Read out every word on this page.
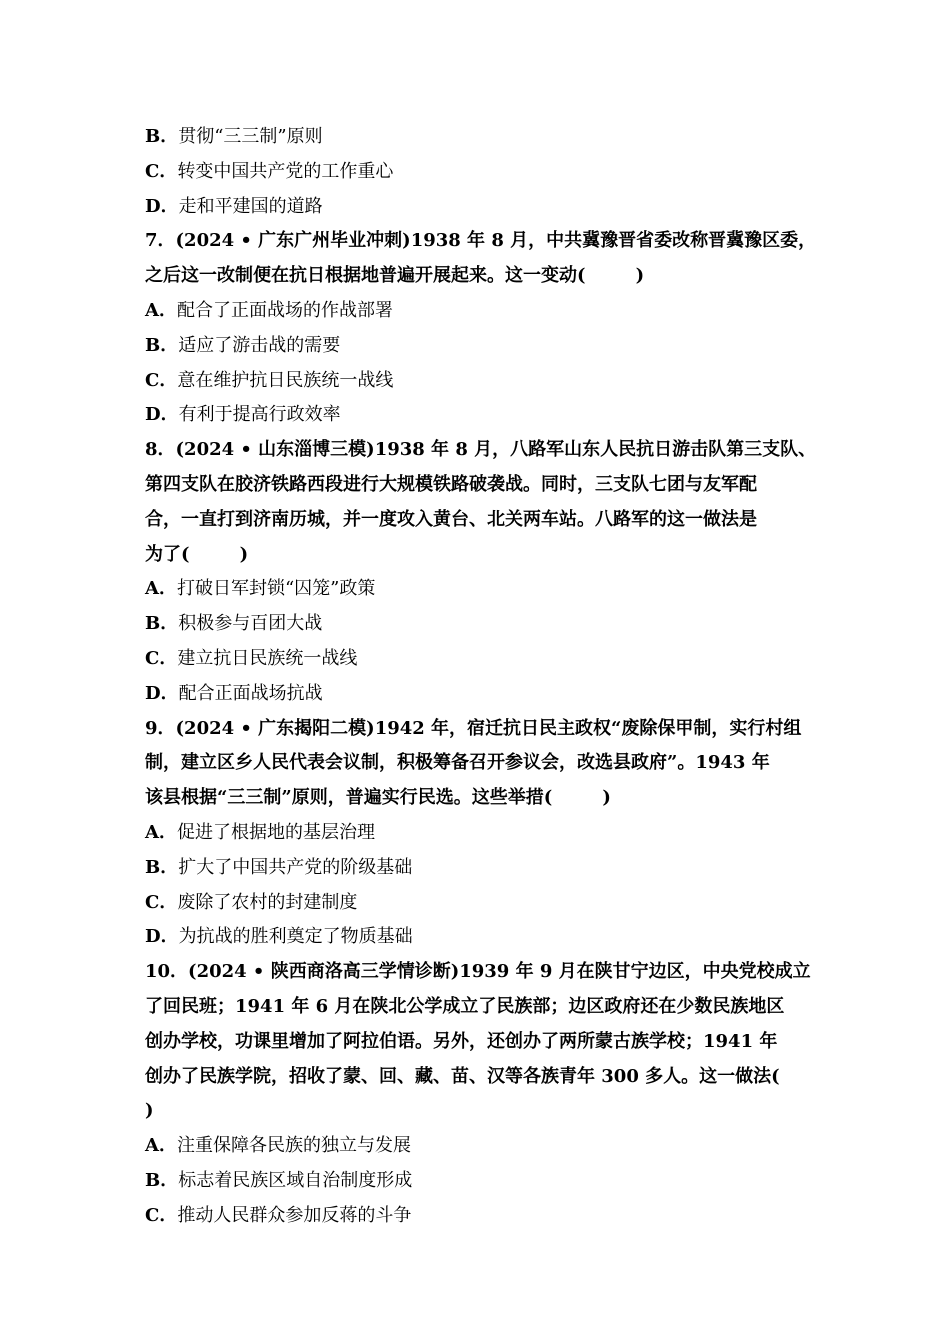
B．贯彻“三三制”原则

C．转变中国共产党的工作重心

D．走和平建国的道路

7．(2024 • 广东广州毕业冲刺)1938 年 8 月，中共冀豫晋省委改称晋冀豫区委，

之后这一改制便在抗日根据地普遍开展起来。这一变动(        )

A．配合了正面战场的作战部署

B．适应了游击战的需要

C．意在维护抗日民族统一战线

D．有利于提高行政效率

8．(2024 • 山东淄博三模)1938 年 8 月，八路军山东人民抗日游击队第三支队、

第四支队在胶济铁路西段进行大规模铁路破袭战。同时，三支队七团与友军配

合，一直打到济南历城，并一度攻入黄台、北关两车站。八路军的这一做法是

为了(        )

A．打破日军封锁“囚笼”政策

B．积极参与百团大战

C．建立抗日民族统一战线

D．配合正面战场抗战

9．(2024 • 广东揭阳二模)1942 年，宿迁抗日民主政权“废除保甲制，实行村组

制，建立区乡人民代表会议制，积极筹备召开参议会，改选县政府”。1943 年

该县根据“三三制”原则，普遍实行民选。这些举措(        )

A．促进了根据地的基层治理

B．扩大了中国共产党的阶级基础

C．废除了农村的封建制度

D．为抗战的胜利奠定了物质基础

10．(2024 • 陕西商洛高三学情诊断)1939 年 9 月在陕甘宁边区，中央党校成立

了回民班；1941 年 6 月在陕北公学成立了民族部；边区政府还在少数民族地区

创办学校，功课里增加了阿拉伯语。另外，还创办了两所蒙古族学校；1941 年

创办了民族学院，招收了蒙、回、藏、苗、汉等各族青年 300 多人。这一做法(

)

A．注重保障各民族的独立与发展

B．标志着民族区域自治制度形成

C．推动人民群众参加反蒋的斗争
